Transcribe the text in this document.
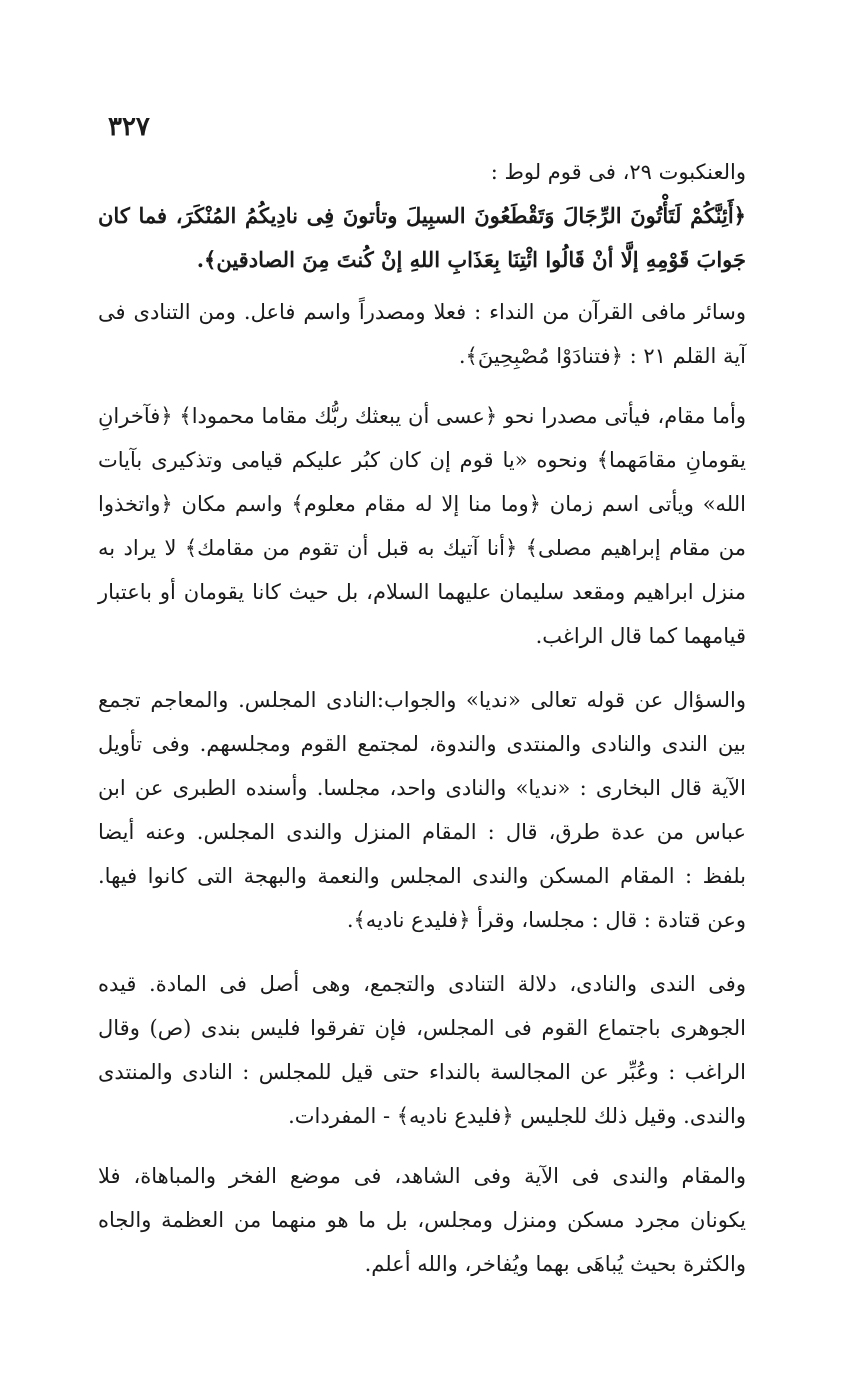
٣٢٧

والعنكبوت ٢٩، فى قوم لوط :

﴿أَئِنَّكُمْ لَتَأْتُونَ الرِّجَالَ وَتَقْطَعُونَ السبِيلَ وتأتونَ فِى نادِيكُمُ المُنْكَرَ، فما كان جَوابَ قَوْمِهِ إلَّا أنْ قَالُوا ائْتِنَا بِعَذَابِ اللهِ إنْ كُنتَ مِنَ الصادقين﴾.

وسائر مافى القرآن من النداء : فعلا ومصدراً واسم فاعل. ومن التنادى فى آية القلم ٢١ : ﴿فتنادَوْا مُصْبِحِينَ﴾.

وأما مقام، فيأتى مصدرا نحو ﴿عسى أن يبعثك ربُّك مقاما محمودا﴾ ﴿فآخرانِ يقومانِ مقامَهما﴾ ونحوه «يا قوم إن كان كبُر عليكم قيامى وتذكيرى بآيات الله» ويأتى اسم زمان ﴿وما منا إلا له مقام معلوم﴾ واسم مكان ﴿واتخذوا من مقام إبراهيم مصلى﴾ ﴿أنا آتيك به قبل أن تقوم من مقامك﴾ لا يراد به منزل ابراهيم ومقعد سليمان عليهما السلام، بل حيث كانا يقومان أو باعتبار قيامهما كما قال الراغب.

والسؤال عن قوله تعالى «نديا» والجواب:النادى المجلس. والمعاجم تجمع بين الندى والنادى والمنتدى والندوة، لمجتمع القوم ومجلسهم. وفى تأويل الآية قال البخارى : «نديا» والنادى واحد، مجلسا. وأسنده الطبرى عن ابن عباس من عدة طرق، قال : المقام المنزل والندى المجلس. وعنه أيضا بلفظ : المقام المسكن والندى المجلس والنعمة والبهجة التى كانوا فيها. وعن قتادة : قال : مجلسا، وقرأ ﴿فليدع ناديه﴾.

وفى الندى والنادى، دلالة التنادى والتجمع، وهى أصل فى المادة. قيده الجوهرى باجتماع القوم فى المجلس، فإن تفرقوا فليس بندى (ص) وقال الراغب : وعُبِّر عن المجالسة بالنداء حتى قيل للمجلس : النادى والمنتدى والندى. وقيل ذلك للجليس ﴿فليدع ناديه﴾ - المفردات.

والمقام والندى فى الآية وفى الشاهد، فى موضع الفخر والمباهاة، فلا يكونان مجرد مسكن ومنزل ومجلس، بل ما هو منهما من العظمة والجاه والكثرة بحيث يُباهَى بهما ويُفاخر، والله أعلم.
